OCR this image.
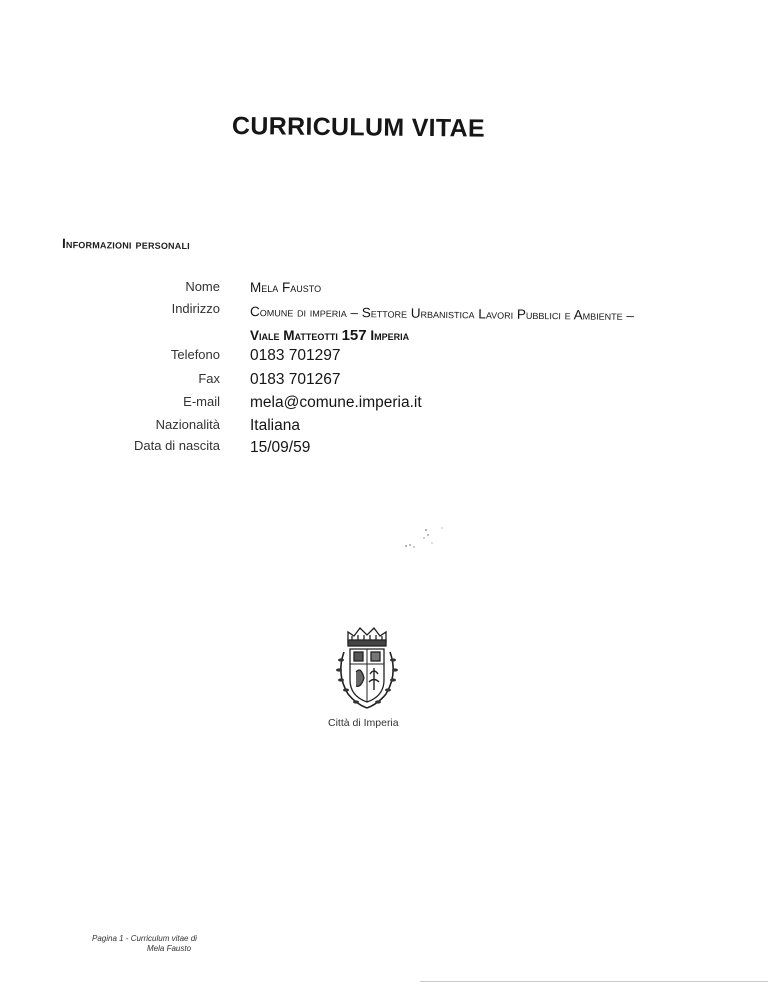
CURRICULUM VITAE
Informazioni personali
Nome Mela Fausto
Indirizzo Comune di imperia – Settore Urbanistica Lavori Pubblici e Ambiente –
Viale Matteotti 157 Imperia
Telefono 0183 701297
Fax 0183 701267
E-mail mela@comune.imperia.it
Nazionalità Italiana
Data di nascita 15/09/59
Città di Imperia
Pagina 1 - Curriculum vitae di
Mela Fausto
